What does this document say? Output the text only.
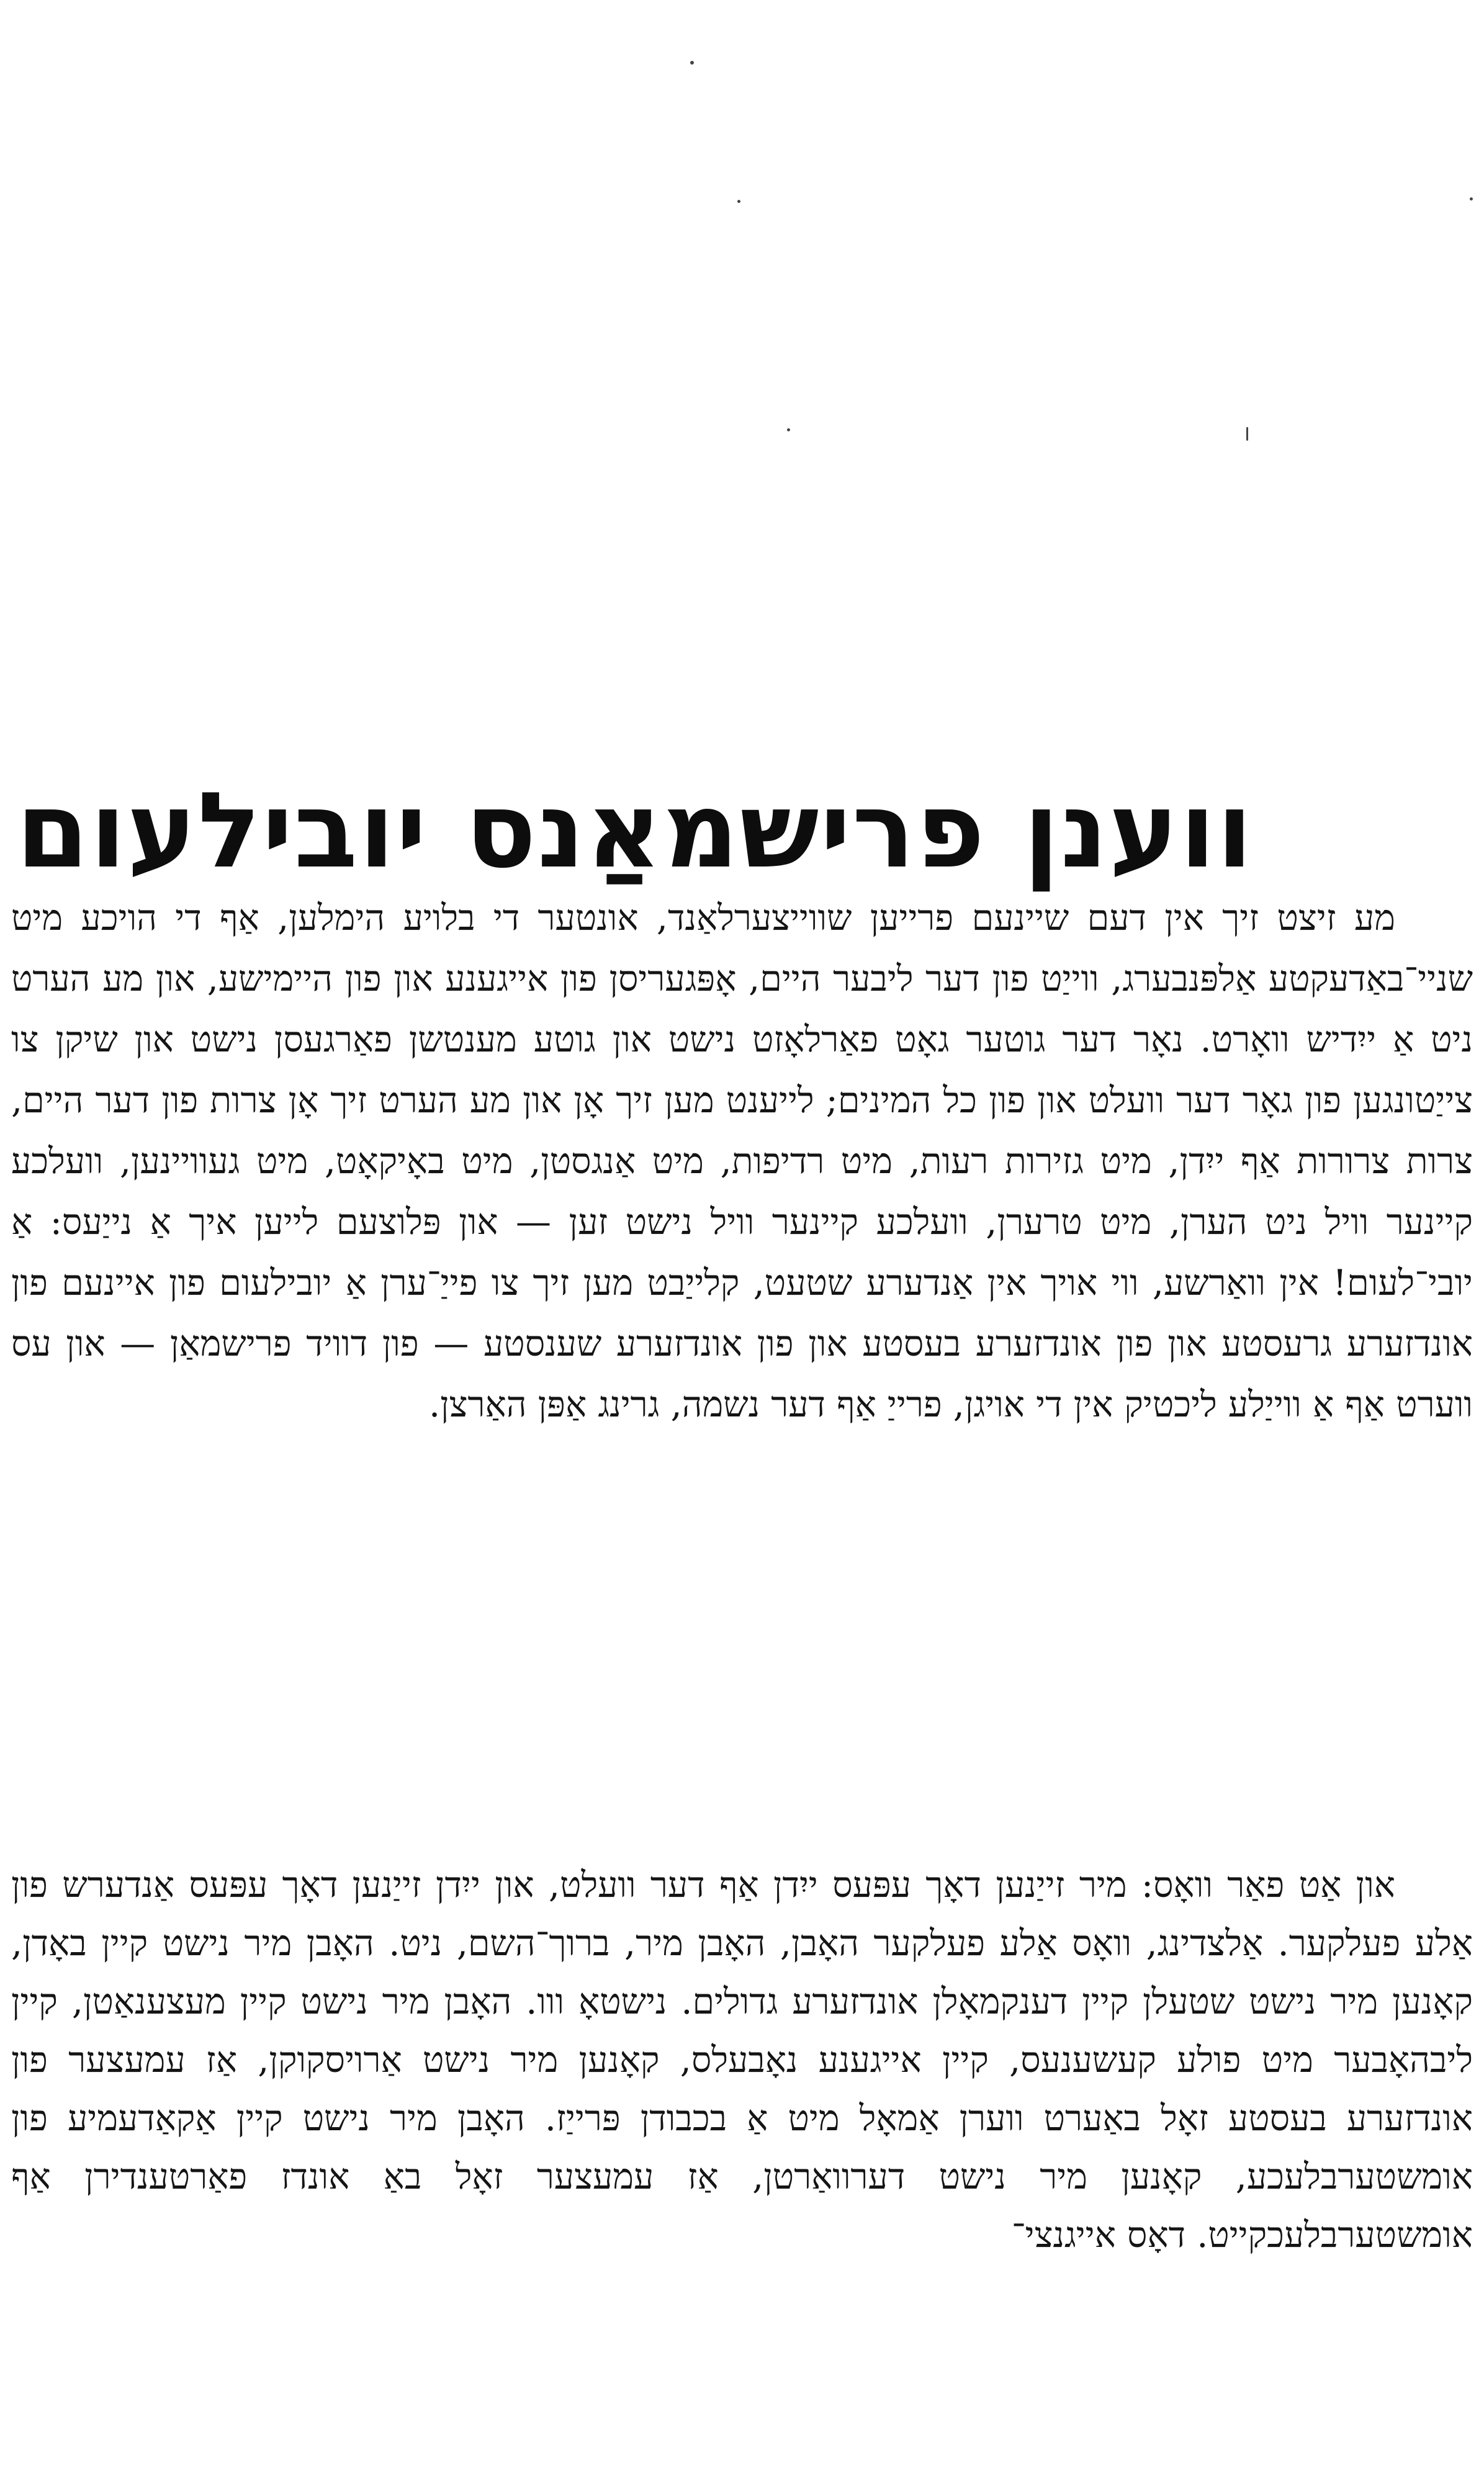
ווענן פרישמאַנס יובילעום

מע זיצט זיך אין דעם שיינעם פרייען שווייצערלאַנד, אונטער די בלויע הימלען, אַף די הויכע מיט שניי־באַדעקטע אַלפּנבערג, ווייַט פון דער ליבער היים, אָפּגעריסן פון אייגענע און פון היימישע, און מע הערט ניט אַ ייִדיש וואָרט. נאָר דער גוטער גאָט פאַרלאָזט נישט און גוטע מענטשן פאַרגעסן נישט און שיקן צו צייַטונגען פון גאָר דער וועלט און פון כל המינים; לייענט מען זיך אָן און מע הערט זיך אָן צרות פון דער היים, צרות צרורות אַף ייִדן, מיט גזירות רעות, מיט רדיפות, מיט אַנגסטן, מיט באָיקאָט, מיט געוויינען, וועלכע קיינער וויל ניט הערן, מיט טרערן, וועלכע קיינער וויל נישט זען — און פּלוצעם לייען איך אַ נייַעס: אַ יובי־לעום! אין וואַרשע, ווי אויך אין אַנדערע שטעט, קלייַבט מען זיך צו פייַ־ערן אַ יובילעום פון איינעם פון אונדזערע גרעסטע און פון אונדזערע בעסטע און פון אונדזערע שענסטע — פון דוויד פרישמאַן — און עס ווערט אַף אַ ווייַלע ליכטיק אין די אויגן, פרייַ אַף דער נשמה, גרינג אַפּן האַרצן.

און אַט פאַר וואָס: מיר זייַנען דאָך עפּעס ייִדן אַף דער וועלט, און ייִדן זייַנען דאָך עפּעס אַנדערש פון אַלע פעלקער. אַלצדינג, וואָס אַלע פעלקער האָבן, האָבן מיר, ברוך־השם, ניט. האָבן מיר נישט קיין באָדן, קאָנען מיר נישט שטעלן קיין דענקמאָלן אונדזערע גדולים. נישטאָ ווו. האָבן מיר נישט קיין מעצענאַטן, קיין ליבהאָבער מיט פולע קעשענעס, קיין אייגענע נאָבעלס, קאָנען מיר נישט אַרויסקוקן, אַז עמעצער פון אונדזערע בעסטע זאָל באַערט ווערן אַמאָל מיט אַ בכבודן פּרייַז. האָבן מיר נישט קיין אַקאַדעמיע פון אומשטערבלעכע, קאָנען מיר נישט דערוואַרטן, אַז עמעצער זאָל באַ אונדז פאַרטענדירן אַף אומשטערבלעכקייט. דאָס אייגנצי־
